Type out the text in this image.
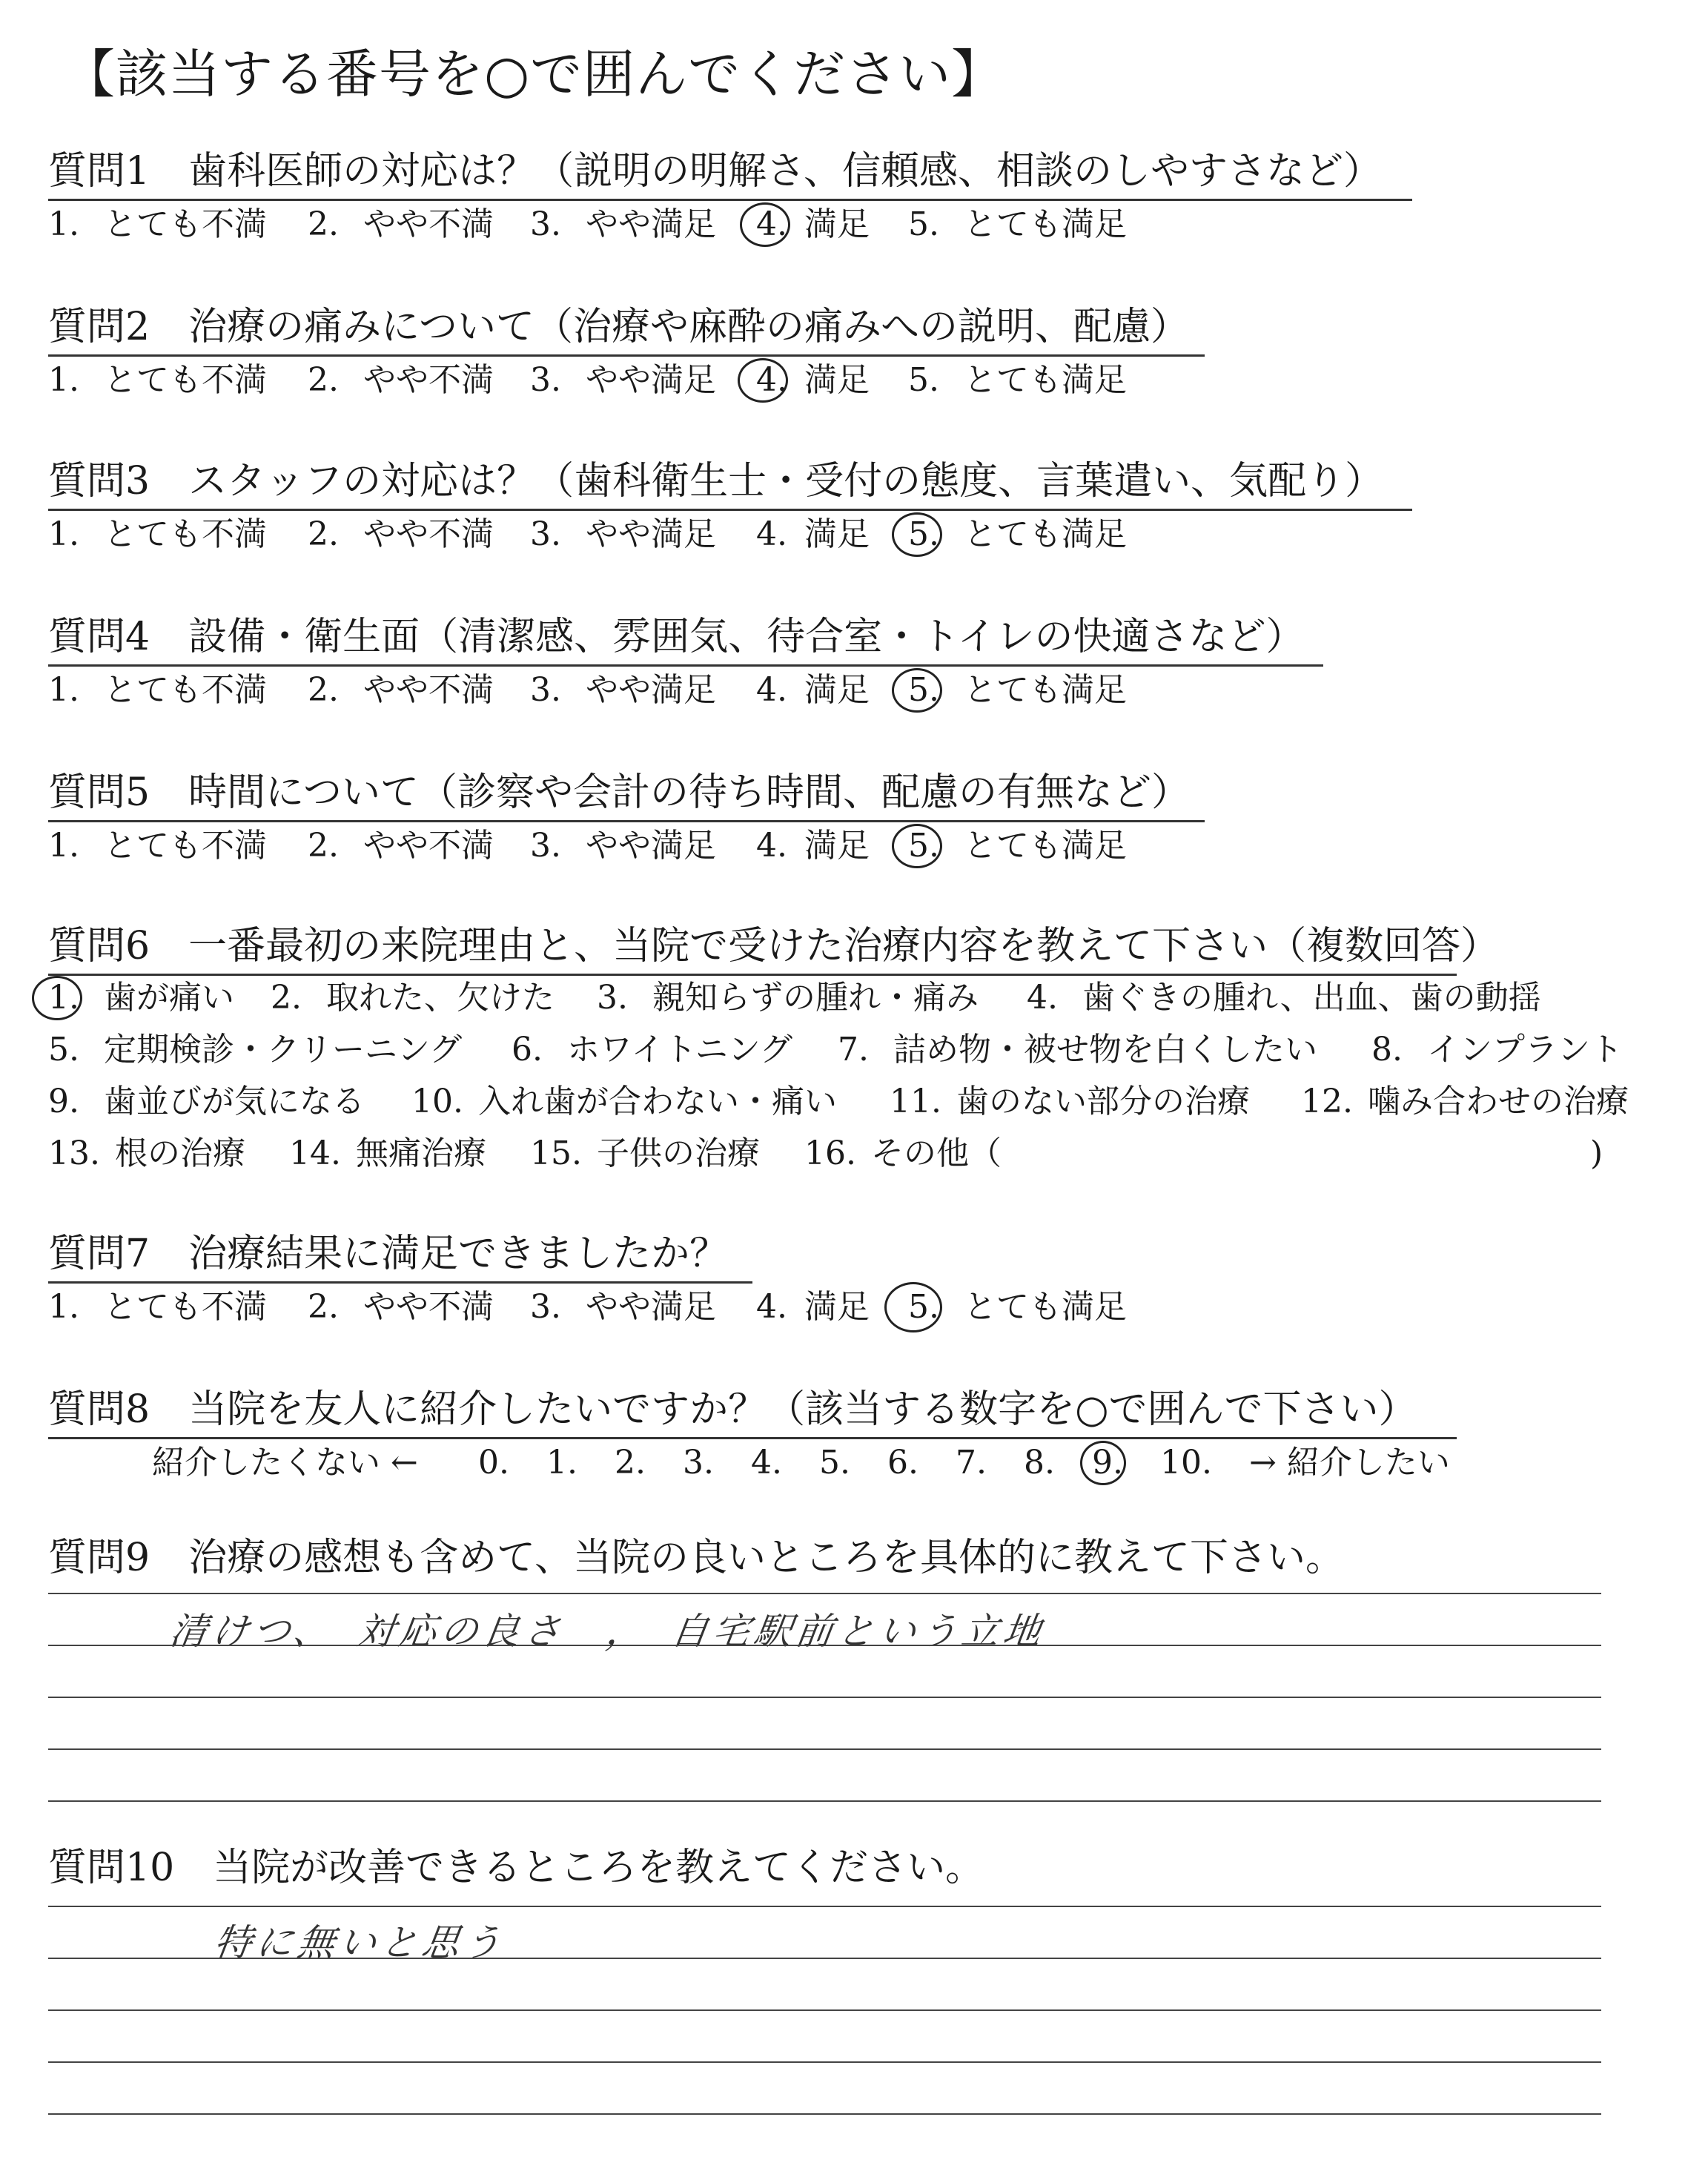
【該当する番号を○で囲んでください】
質問1　歯科医師の対応は？（説明の明解さ、信頼感、相談のしやすさなど）
1. とても不満 2. やや不満 3. やや満足 4. 満足 5. とても満足
質問2　治療の痛みについて（治療や麻酔の痛みへの説明、配慮）
1. とても不満 2. やや不満 3. やや満足 4. 満足 5. とても満足
質問3　スタッフの対応は？（歯科衛生士・受付の態度、言葉遣い、気配り）
1. とても不満 2. やや不満 3. やや満足 4. 満足 5. とても満足
質問4　設備・衛生面（清潔感、雰囲気、待合室・トイレの快適さなど）
1. とても不満 2. やや不満 3. やや満足 4. 満足 5. とても満足
質問5　時間について（診察や会計の待ち時間、配慮の有無など）
1. とても不満 2. やや不満 3. やや満足 4. 満足 5. とても満足
質問6　一番最初の来院理由と、当院で受けた治療内容を教えて下さい（複数回答）
1. 歯が痛い 2. 取れた、欠けた 3. 親知らずの腫れ・痛み 4. 歯ぐきの腫れ、出血、歯の動揺
5. 定期検診・クリーニング 6. ホワイトニング 7. 詰め物・被せ物を白くしたい 8. インプラント
9. 歯並びが気になる 10. 入れ歯が合わない・痛い 11. 歯のない部分の治療 12. 噛み合わせの治療
13. 根の治療 14. 無痛治療 15. 子供の治療 16. その他（	)
質問7　治療結果に満足できましたか？
1. とても不満 2. やや不満 3. やや満足 4. 満足 5. とても満足
質問8　当院を友人に紹介したいですか？（該当する数字を○で囲んで下さい）
紹介したくない ← 0. 1. 2. 3. 4. 5. 6. 7. 8. 9. 10. → 紹介したい
質問9　治療の感想も含めて、当院の良いところを具体的に教えて下さい。
清けつ、　対応の良さ　，　自宅駅前という立地
質問10　当院が改善できるところを教えてください。
特に無いと思う
